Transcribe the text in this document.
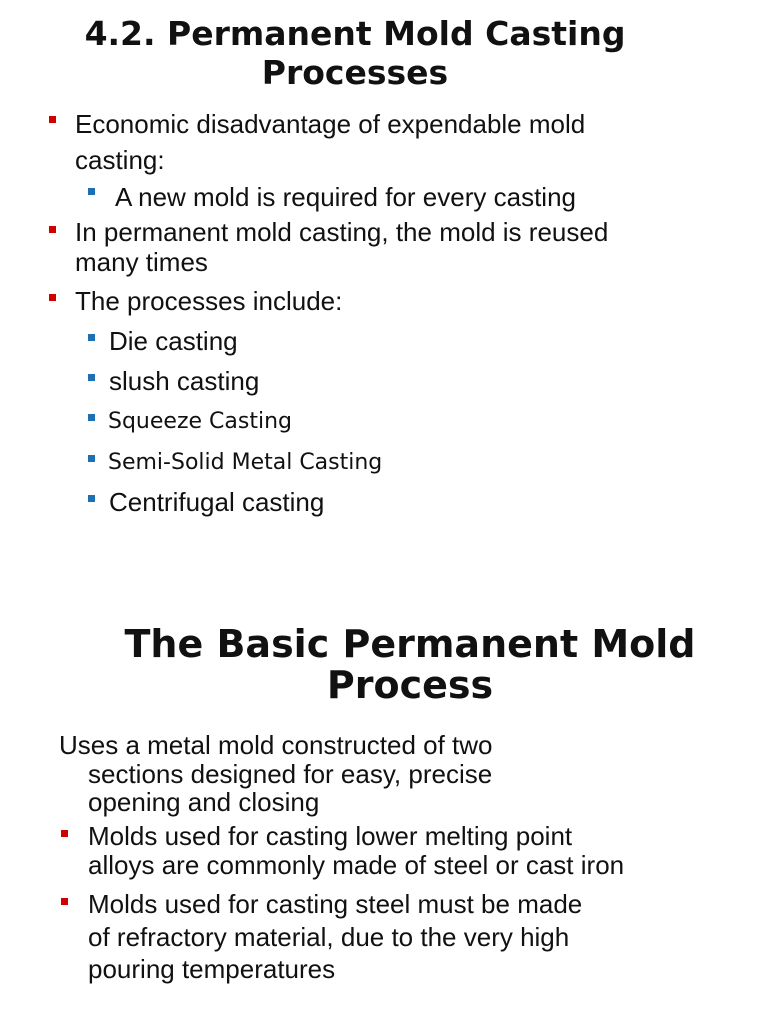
4.2. Permanent Mold Casting
Processes
Economic disadvantage of expendable mold
casting:
A new mold is required for every casting
In permanent mold casting, the mold is reused
many times
The processes include:
Die casting
slush casting
Squeeze Casting
Semi-Solid Metal Casting
Centrifugal casting
The Basic Permanent Mold
Process
Uses a metal mold constructed of two
sections designed for easy, precise
opening and closing
Molds used for casting lower melting point
alloys are commonly made of steel or cast iron
Molds used for casting steel must be made
of refractory material, due to the very high
pouring temperatures
